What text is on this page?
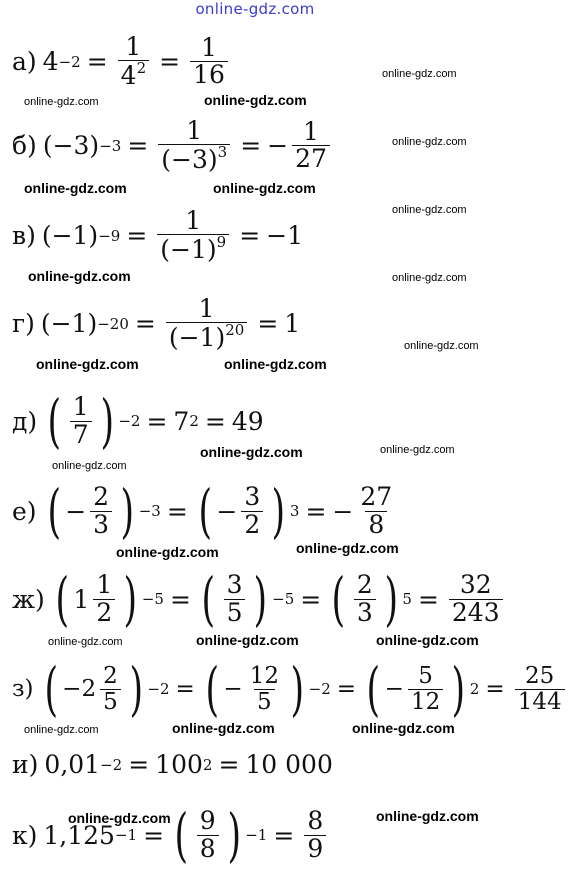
online-gdz.com
а) $4 -2 = \frac{1}{4^2} = \frac{1}{16}$
б) $(-3) -3 = \frac{1}{(-3)^3}$ = − $\frac{1}{27}$
в) $(-1) -9 = \frac{1}{(-1)^9} = -1$
г) $(-1) -20 = \frac{1}{(-1)^{20}} = 1$
д) ( $\frac{1}{7}$ ) −2 = 7 2 = 49
е) ( − $\frac{2}{3}$ ) −3 = ( − $\frac{3}{2}$ ) 3 = − $\frac{27}{8}$
ж) ( $1 \frac{1}{2}$ ) −5 = ( $\frac{3}{5}$ ) −5 = ( $\frac{2}{3}$ ) $5 = \frac{32}{243}$
з) ( − $2 \frac{2}{5}$ ) −2 = ( − $\frac{12}{5}$ ) −2 = ( − $\frac{5}{12}$ ) $2 = \frac{25}{144}$
и) 0,01 −2 = 100 2 = 10 000
к) 1,125 −1 = ( $\frac{9}{8}$ ) $-1 = \frac{8}{9}$
online-gdz.com
online-gdz.com	online-gdz.com
online-gdz.com
online-gdz.com	online-gdz.com
online-gdz.com
online-gdz.com	online-gdz.com
online-gdz.com
online-gdz.com	online-gdz.com
online-gdz.com	online-gdz.com
online-gdz.com
online-gdz.com
online-gdz.com
online-gdz.com	online-gdz.com
online-gdz.com
online-gdz.com	online-gdz.com
online-gdz.com
online-gdz.com	online-gdz.com
